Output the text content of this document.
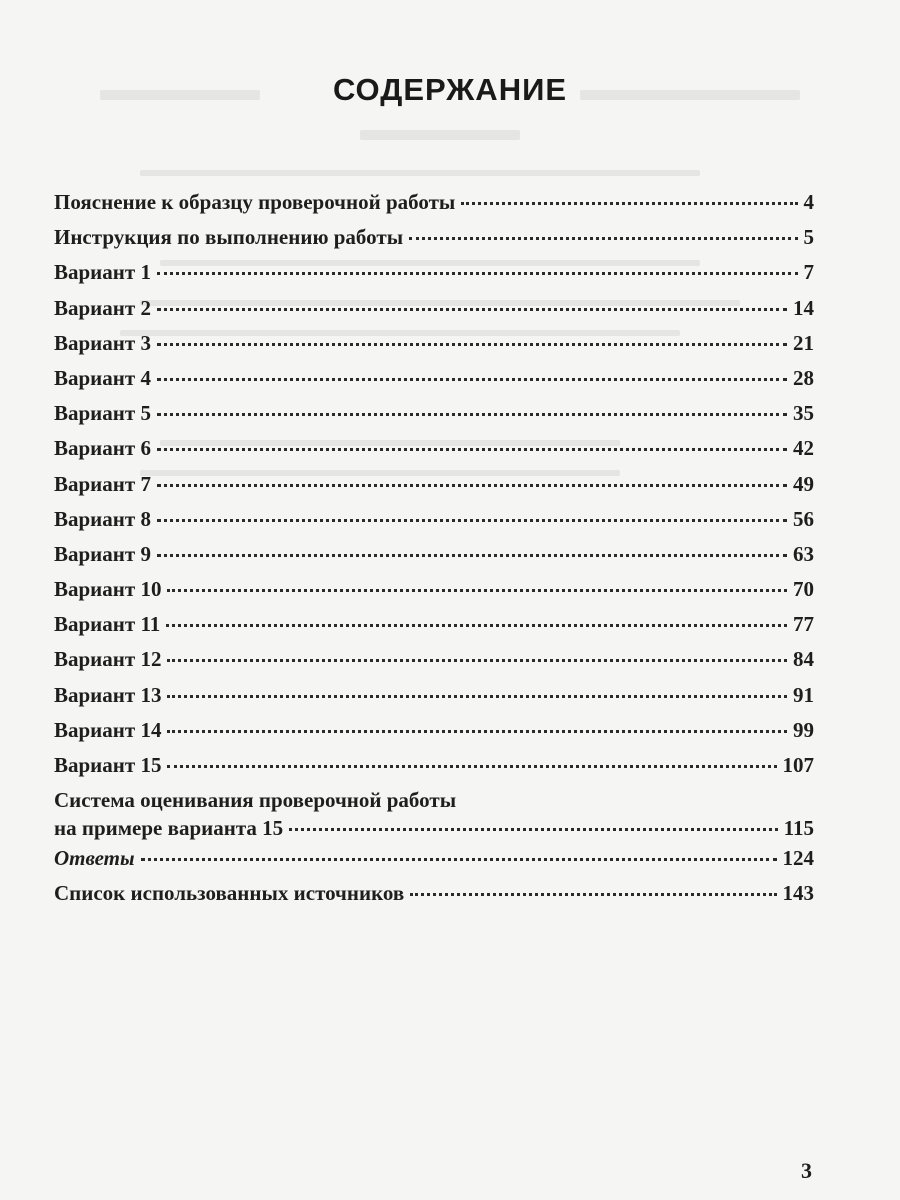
СОДЕРЖАНИЕ
Пояснение к образцу проверочной работы	4
Инструкция по выполнению работы	5
Вариант 1	7
Вариант 2	14
Вариант 3	21
Вариант 4	28
Вариант 5	35
Вариант 6	42
Вариант 7	49
Вариант 8	56
Вариант 9	63
Вариант 10	70
Вариант 11	77
Вариант 12	84
Вариант 13	91
Вариант 14	99
Вариант 15	107
Система оценивания проверочной работы
на примере варианта 15	115
Ответы	124
Список использованных источников	143
3
